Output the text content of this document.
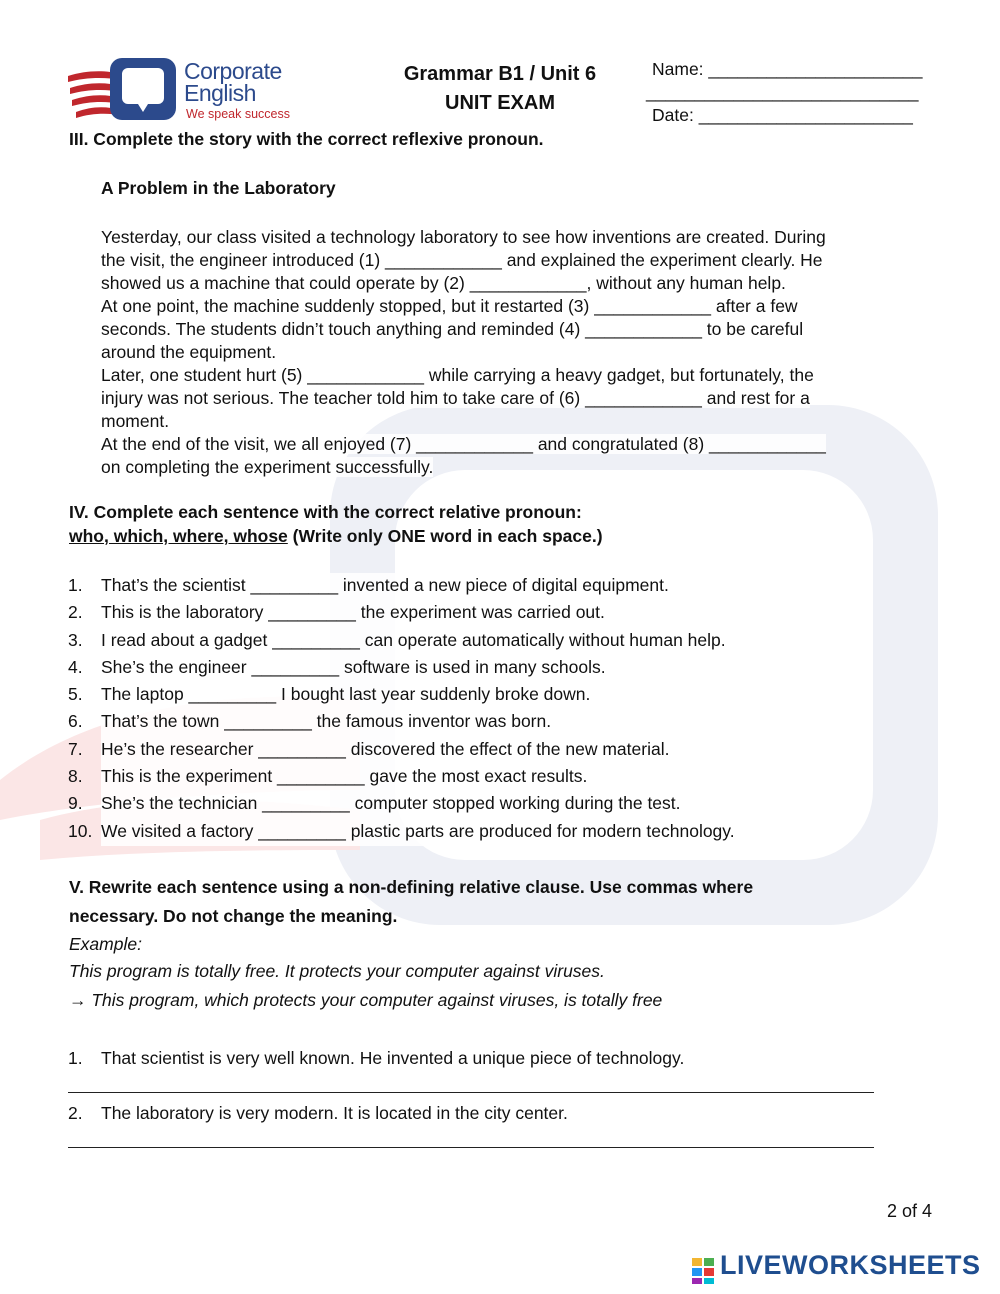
Corporate
English
We speak success
Grammar B1 / Unit 6
UNIT EXAM
Name: ______________________
____________________________
Date: ______________________
III. Complete the story with the correct reflexive pronoun.
A Problem in the Laboratory

Yesterday, our class visited a technology laboratory to see how inventions are created. During

the visit, the engineer introduced (1) ____________ and explained the experiment clearly. He

showed us a machine that could operate by (2) ____________, without any human help.

At one point, the machine suddenly stopped, but it restarted (3) ____________ after a few

seconds. The students didn’t touch anything and reminded (4) ____________ to be careful

around the equipment.

Later, one student hurt (5) ____________ while carrying a heavy gadget, but fortunately, the

injury was not serious. The teacher told him to take care of (6) ____________ and rest for a

moment.

At the end of the visit, we all enjoyed (7) ____________ and congratulated (8) ____________

on completing the experiment successfully.

IV. Complete each sentence with the correct relative pronoun:
who, which, where, whose (Write only ONE word in each space.)
1.	That’s the scientist _________ invented a new piece of digital equipment.
2.	This is the laboratory _________ the experiment was carried out.
3.	I read about a gadget _________ can operate automatically without human help.
4.	She’s the engineer _________ software is used in many schools.
5.	The laptop _________ I bought last year suddenly broke down.
6.	That’s the town _________ the famous inventor was born.
7.	He’s the researcher _________ discovered the effect of the new material.
8.	This is the experiment _________ gave the most exact results.
9.	She’s the technician _________ computer stopped working during the test.
10. We visited a factory _________ plastic parts are produced for modern technology.
V. Rewrite each sentence using a non-defining relative clause. Use commas where
necessary. Do not change the meaning.
Example:
This program is totally free. It protects your computer against viruses.
→ This program, which protects your computer against viruses, is totally free
1.	That scientist is very well known. He invented a unique piece of technology.
2.	The laboratory is very modern. It is located in the city center.
2 of 4
LIVEWORKSHEETS
